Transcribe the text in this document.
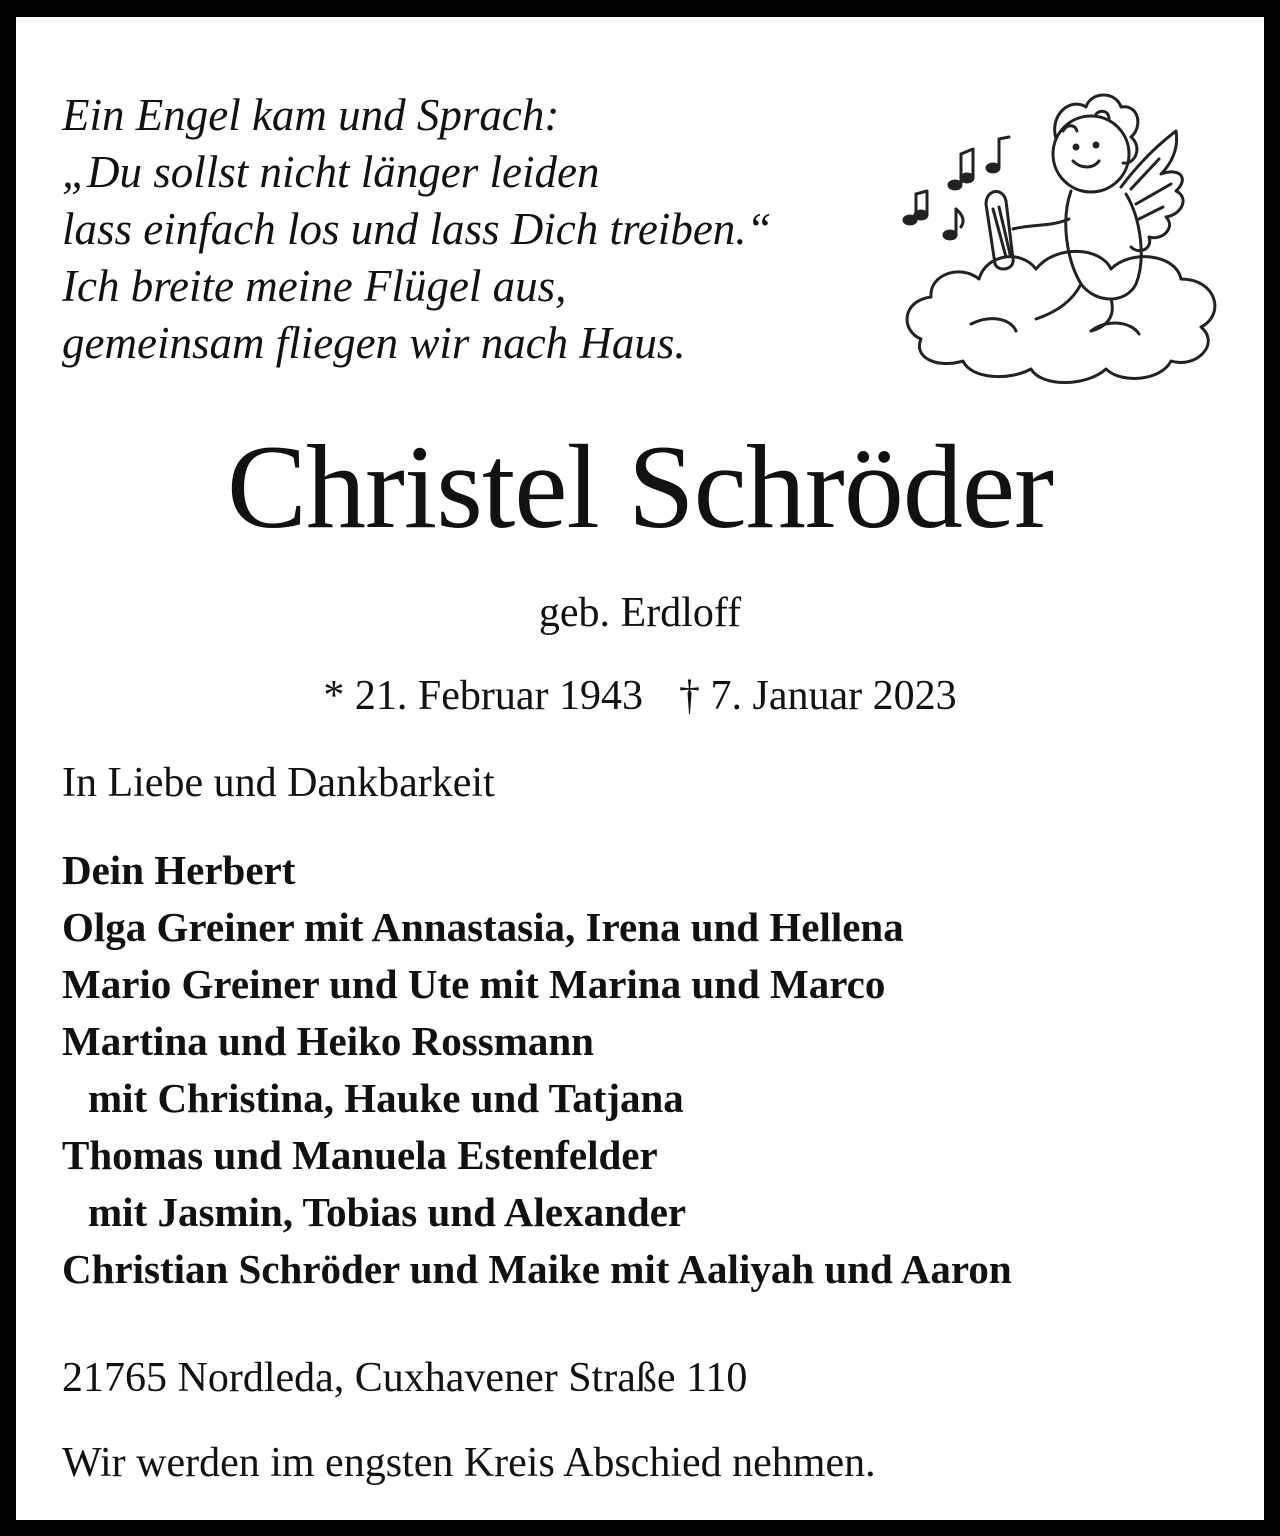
Ein Engel kam und Sprach:
„Du sollst nicht länger leiden
lass einfach los und lass Dich treiben.“
Ich breite meine Flügel aus,
gemeinsam fliegen wir nach Haus.
Christel Schröder
geb. Erdloff
* 21. Februar 1943 † 7. Januar 2023
In Liebe und Dankbarkeit
Dein Herbert
Olga Greiner mit Annastasia, Irena und Hellena
Mario Greiner und Ute mit Marina und Marco
Martina und Heiko Rossmann
mit Christina, Hauke und Tatjana
Thomas und Manuela Estenfelder
mit Jasmin, Tobias und Alexander
Christian Schröder und Maike mit Aaliyah und Aaron
21765 Nordleda, Cuxhavener Straße 110
Wir werden im engsten Kreis Abschied nehmen.
